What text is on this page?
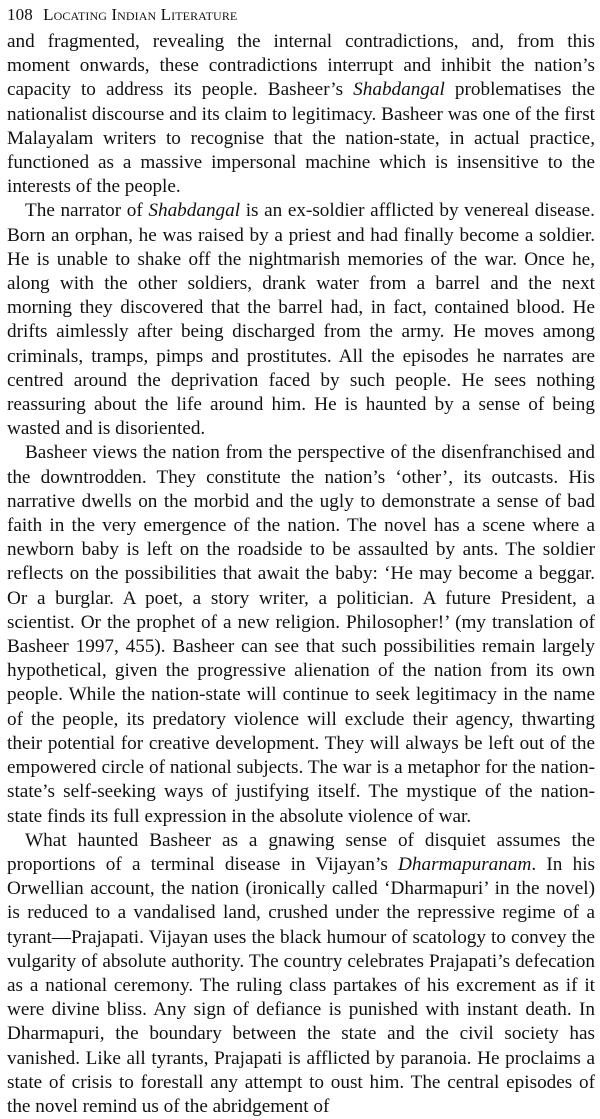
108 Locating Indian Literature

and fragmented, revealing the internal contradictions, and, from this moment onwards, these contradictions interrupt and inhibit the nation’s capacity to address its people. Basheer’s Shabdangal problematises the nationalist discourse and its claim to legitimacy. Basheer was one of the first Malayalam writers to recognise that the nation-state, in actual practice, functioned as a massive impersonal machine which is insensitive to the interests of the people.

The narrator of Shabdangal is an ex-soldier afflicted by venereal disease. Born an orphan, he was raised by a priest and had finally become a soldier. He is unable to shake off the nightmarish memories of the war. Once he, along with the other soldiers, drank water from a barrel and the next morning they discovered that the barrel had, in fact, contained blood. He drifts aimlessly after being discharged from the army. He moves among criminals, tramps, pimps and prostitutes. All the episodes he narrates are centred around the deprivation faced by such people. He sees nothing reassuring about the life around him. He is haunted by a sense of being wasted and is disoriented.

Basheer views the nation from the perspective of the disenfranchised and the downtrodden. They constitute the nation’s ‘other’, its outcasts. His narrative dwells on the morbid and the ugly to demonstrate a sense of bad faith in the very emergence of the nation. The novel has a scene where a newborn baby is left on the roadside to be assaulted by ants. The soldier reflects on the possibilities that await the baby: ‘He may become a beggar. Or a burglar. A poet, a story writer, a politician. A future President, a scientist. Or the prophet of a new religion. Philosopher!’ (my translation of Basheer 1997, 455). Basheer can see that such possibilities remain largely hypothetical, given the progressive alienation of the nation from its own people. While the nation-state will continue to seek legitimacy in the name of the people, its predatory violence will exclude their agency, thwarting their potential for creative development. They will always be left out of the empowered circle of national subjects. The war is a metaphor for the nation-state’s self-seeking ways of justifying itself. The mystique of the nation-state finds its full expression in the absolute violence of war.

What haunted Basheer as a gnawing sense of disquiet assumes the proportions of a terminal disease in Vijayan’s Dharmapuranam. In his Orwellian account, the nation (ironically called ‘Dharmapuri’ in the novel) is reduced to a vandalised land, crushed under the repressive regime of a tyrant—Prajapati. Vijayan uses the black humour of scatology to convey the vulgarity of absolute authority. The country celebrates Prajapati’s defecation as a national ceremony. The ruling class partakes of his excrement as if it were divine bliss. Any sign of defiance is punished with instant death. In Dharmapuri, the boundary between the state and the civil society has vanished. Like all tyrants, Prajapati is afflicted by paranoia. He proclaims a state of crisis to forestall any attempt to oust him. The central episodes of the novel remind us of the abridgement of
